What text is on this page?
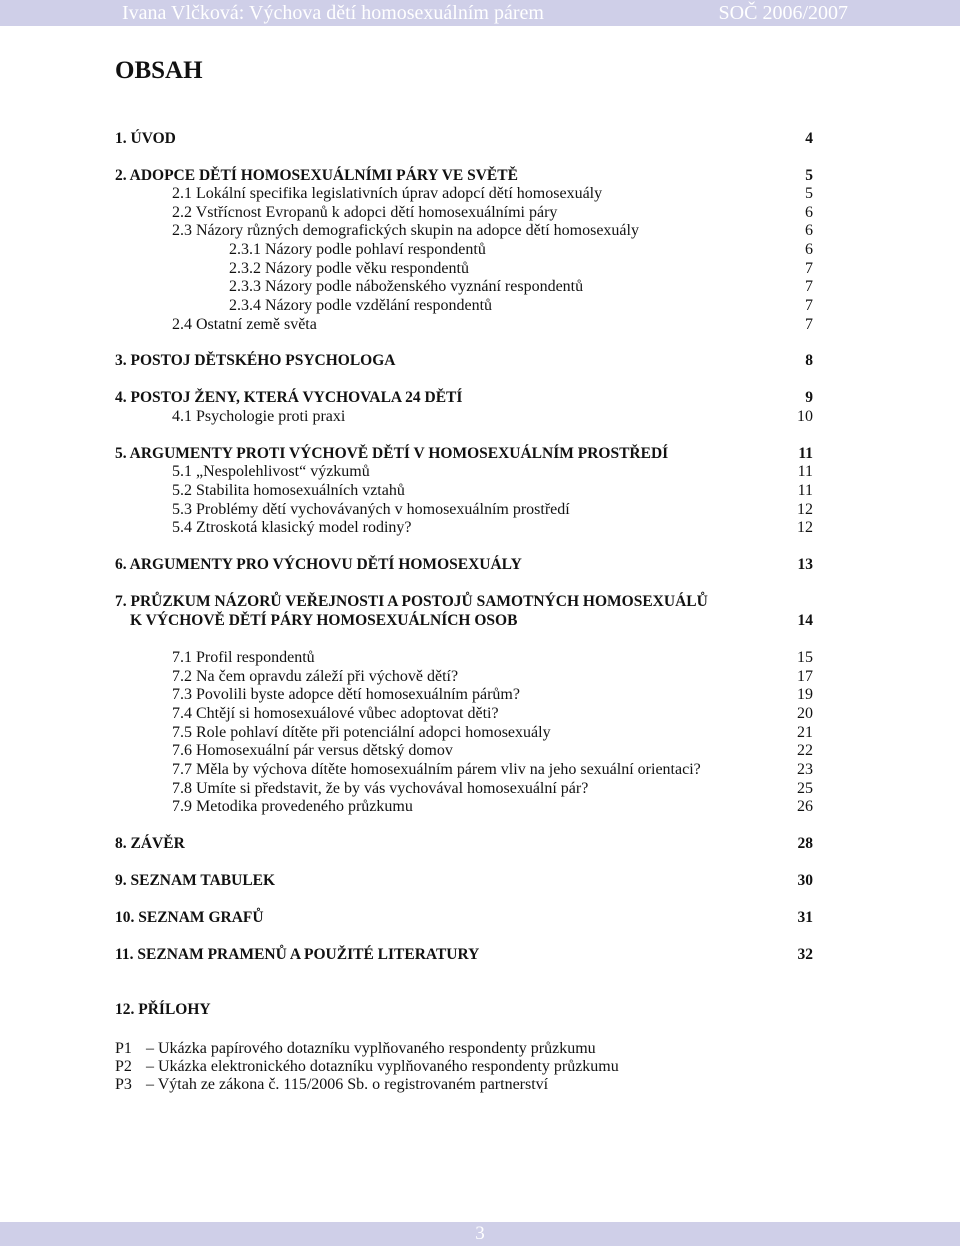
Ivana Vlčková: Výchova dětí homosexuálním párem	SOČ 2006/2007
OBSAH
1. ÚVOD	4
2. ADOPCE DĚTÍ HOMOSEXUÁLNÍMI PÁRY VE SVĚTĚ	5
2.1 Lokální specifika legislativních úprav adopcí dětí homosexuály	5
2.2 Vstřícnost Evropanů k adopci dětí homosexuálními páry	6
2.3 Názory různých demografických skupin na adopce dětí homosexuály	6
2.3.1 Názory podle pohlaví respondentů	6
2.3.2 Názory podle věku respondentů	7
2.3.3 Názory podle náboženského vyznání respondentů	7
2.3.4 Názory podle vzdělání respondentů	7
2.4 Ostatní země světa	7
3. POSTOJ DĚTSKÉHO PSYCHOLOGA	8
4. POSTOJ ŽENY, KTERÁ VYCHOVALA 24 DĚTÍ	9
4.1 Psychologie proti praxi	10
5. ARGUMENTY PROTI VÝCHOVĚ DĚTÍ V HOMOSEXUÁLNÍM PROSTŘEDÍ	11
5.1 „Nespolehlivost“ výzkumů	11
5.2 Stabilita homosexuálních vztahů	11
5.3 Problémy dětí vychovávaných v homosexuálním prostředí	12
5.4 Ztroskotá klasický model rodiny?	12
6. ARGUMENTY PRO VÝCHOVU DĚTÍ HOMOSEXUÁLY	13
7. PRŮZKUM NÁZORŮ VEŘEJNOSTI A POSTOJŮ SAMOTNÝCH HOMOSEXUÁLŮ
K VÝCHOVĚ DĚTÍ PÁRY HOMOSEXUÁLNÍCH OSOB	14
7.1 Profil respondentů	15
7.2 Na čem opravdu záleží při výchově dětí?	17
7.3 Povolili byste adopce dětí homosexuálním párům?	19
7.4 Chtějí si homosexuálové vůbec adoptovat děti?	20
7.5 Role pohlaví dítěte při potenciální adopci homosexuály	21
7.6 Homosexuální pár versus dětský domov	22
7.7 Měla by výchova dítěte homosexuálním párem vliv na jeho sexuální orientaci?	23
7.8 Umíte si představit, že by vás vychovával homosexuální pár?	25
7.9 Metodika provedeného průzkumu	26
8. ZÁVĚR	28
9. SEZNAM TABULEK	30
10. SEZNAM GRAFŮ	31
11. SEZNAM PRAMENŮ A POUŽITÉ LITERATURY	32
12. PŘÍLOHY
P1 – Ukázka papírového dotazníku vyplňovaného respondenty průzkumu
P2 – Ukázka elektronického dotazníku vyplňovaného respondenty průzkumu
P3 – Výtah ze zákona č. 115/2006 Sb. o registrovaném partnerství
3
